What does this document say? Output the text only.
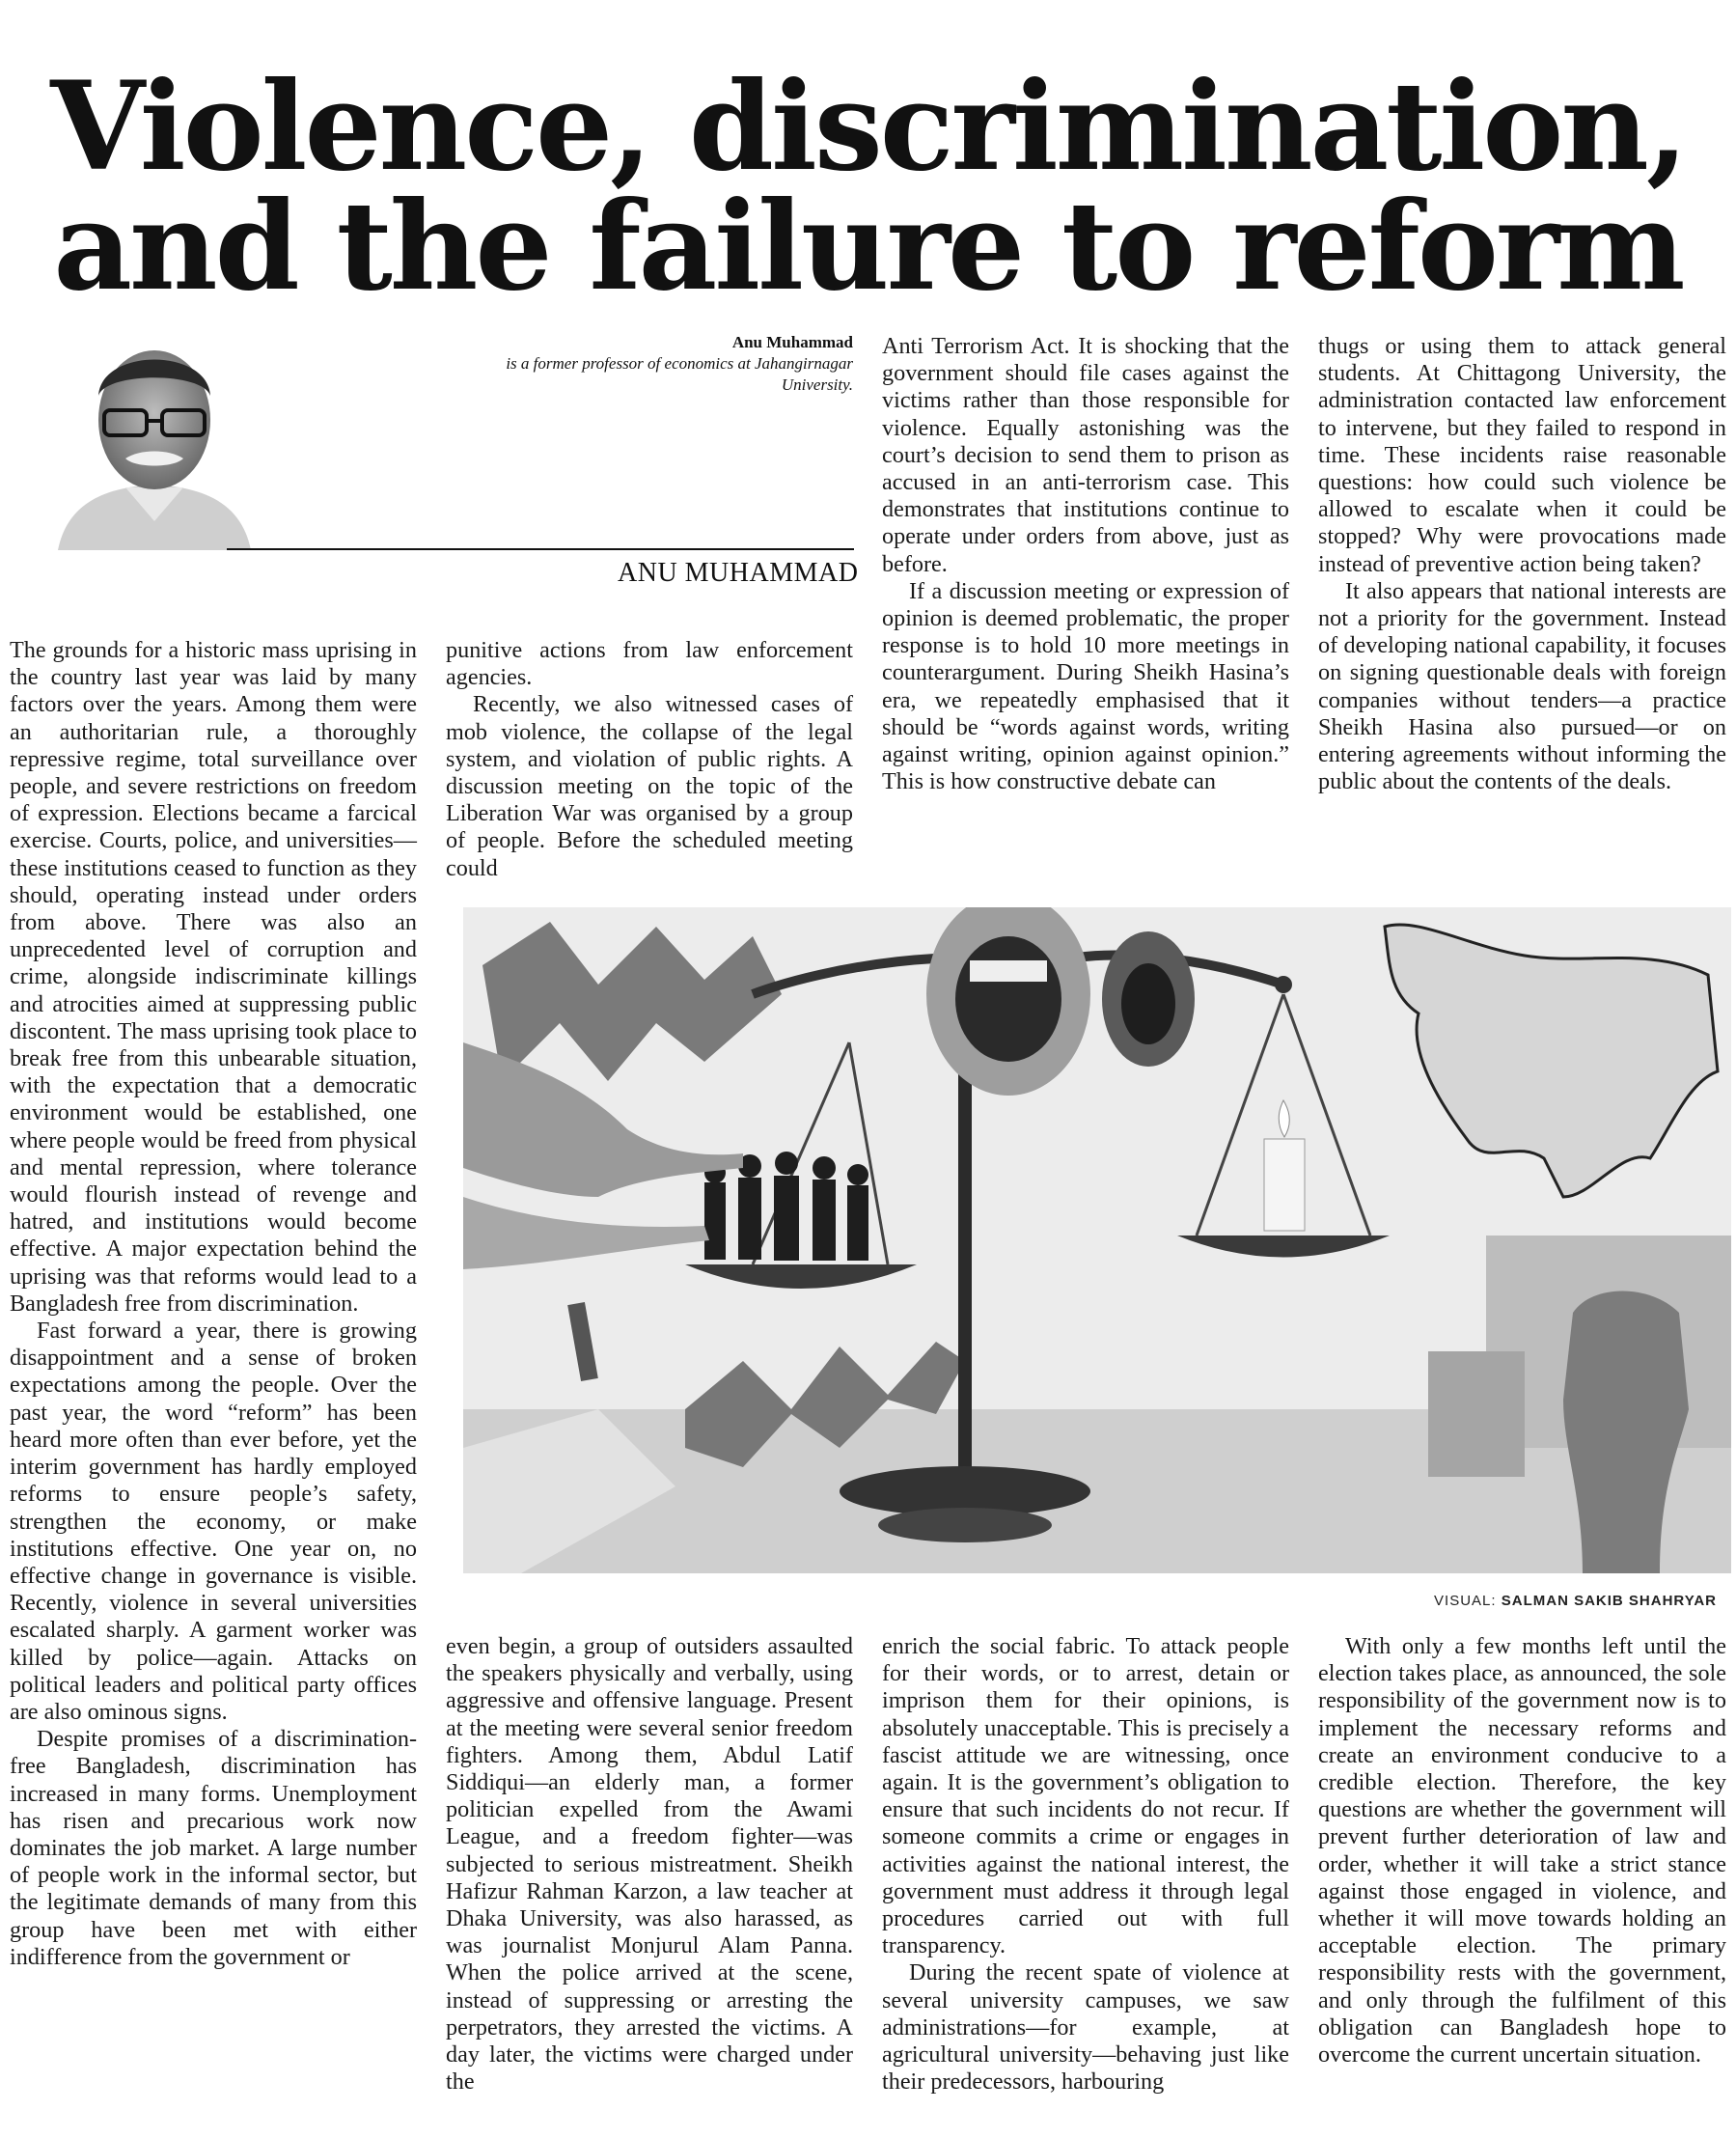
Violence, discrimination,
and the failure to reform
Anu Muhammad
is a former professor of economics at Jahangirnagar University.
ANU MUHAMMAD

The grounds for a historic mass uprising in the country last year was laid by many factors over the years. Among them were an authoritarian rule, a thoroughly repressive regime, total surveillance over people, and severe restrictions on freedom of expression. Elections became a farcical exercise. Courts, police, and universities—these institutions ceased to function as they should, operating instead under orders from above. There was also an unprecedented level of corruption and crime, alongside indiscriminate killings and atrocities aimed at suppressing public discontent. The mass uprising took place to break free from this unbearable situation, with the expectation that a democratic environment would be established, one where people would be freed from physical and mental repression, where tolerance would flourish instead of revenge and hatred, and institutions would become effective. A major expectation behind the uprising was that reforms would lead to a Bangladesh free from discrimination.

Fast forward a year, there is growing disappointment and a sense of broken expectations among the people. Over the past year, the word “reform” has been heard more often than ever before, yet the interim government has hardly employed reforms to ensure people’s safety, strengthen the economy, or make institutions effective. One year on, no effective change in governance is visible. Recently, violence in several universities escalated sharply. A garment worker was killed by police—again. Attacks on political leaders and political party offices are also ominous signs.

Despite promises of a discrimination-free Bangladesh, discrimination has increased in many forms. Unemployment has risen and precarious work now dominates the job market. A large number of people work in the informal sector, but the legitimate demands of many from this group have been met with either indifference from the government or

punitive actions from law enforcement agencies.

Recently, we also witnessed cases of mob violence, the collapse of the legal system, and violation of public rights. A discussion meeting on the topic of the Liberation War was organised by a group of people. Before the scheduled meeting could

Anti Terrorism Act. It is shocking that the government should file cases against the victims rather than those responsible for violence. Equally astonishing was the court’s decision to send them to prison as accused in an anti-terrorism case. This demonstrates that institutions continue to operate under orders from above, just as before.

If a discussion meeting or expression of opinion is deemed problematic, the proper response is to hold 10 more meetings in counterargument. During Sheikh Hasina’s era, we repeatedly emphasised that it should be “words against words, writing against writing, opinion against opinion.” This is how constructive debate can

thugs or using them to attack general students. At Chittagong University, the administration contacted law enforcement to intervene, but they failed to respond in time. These incidents raise reasonable questions: how could such violence be allowed to escalate when it could be stopped? Why were provocations made instead of preventive action being taken?

It also appears that national interests are not a priority for the government. Instead of developing national capability, it focuses on signing questionable deals with foreign companies without tenders—a practice Sheikh Hasina also pursued—or on entering agreements without informing the public about the contents of the deals.

VISUAL: SALMAN SAKIB SHAHRYAR

even begin, a group of outsiders assaulted the speakers physically and verbally, using aggressive and offensive language. Present at the meeting were several senior freedom fighters. Among them, Abdul Latif Siddiqui—an elderly man, a former politician expelled from the Awami League, and a freedom fighter—was subjected to serious mistreatment. Sheikh Hafizur Rahman Karzon, a law teacher at Dhaka University, was also harassed, as was journalist Monjurul Alam Panna. When the police arrived at the scene, instead of suppressing or arresting the perpetrators, they arrested the victims. A day later, the victims were charged under the

enrich the social fabric. To attack people for their words, or to arrest, detain or imprison them for their opinions, is absolutely unacceptable. This is precisely a fascist attitude we are witnessing, once again. It is the government’s obligation to ensure that such incidents do not recur. If someone commits a crime or engages in activities against the national interest, the government must address it through legal procedures carried out with full transparency.

During the recent spate of violence at several university campuses, we saw administrations—for example, at agricultural university—behaving just like their predecessors, harbouring

With only a few months left until the election takes place, as announced, the sole responsibility of the government now is to implement the necessary reforms and create an environment conducive to a credible election. Therefore, the key questions are whether the government will prevent further deterioration of law and order, whether it will take a strict stance against those engaged in violence, and whether it will move towards holding an acceptable election. The primary responsibility rests with the government, and only through the fulfilment of this obligation can Bangladesh hope to overcome the current uncertain situation.
